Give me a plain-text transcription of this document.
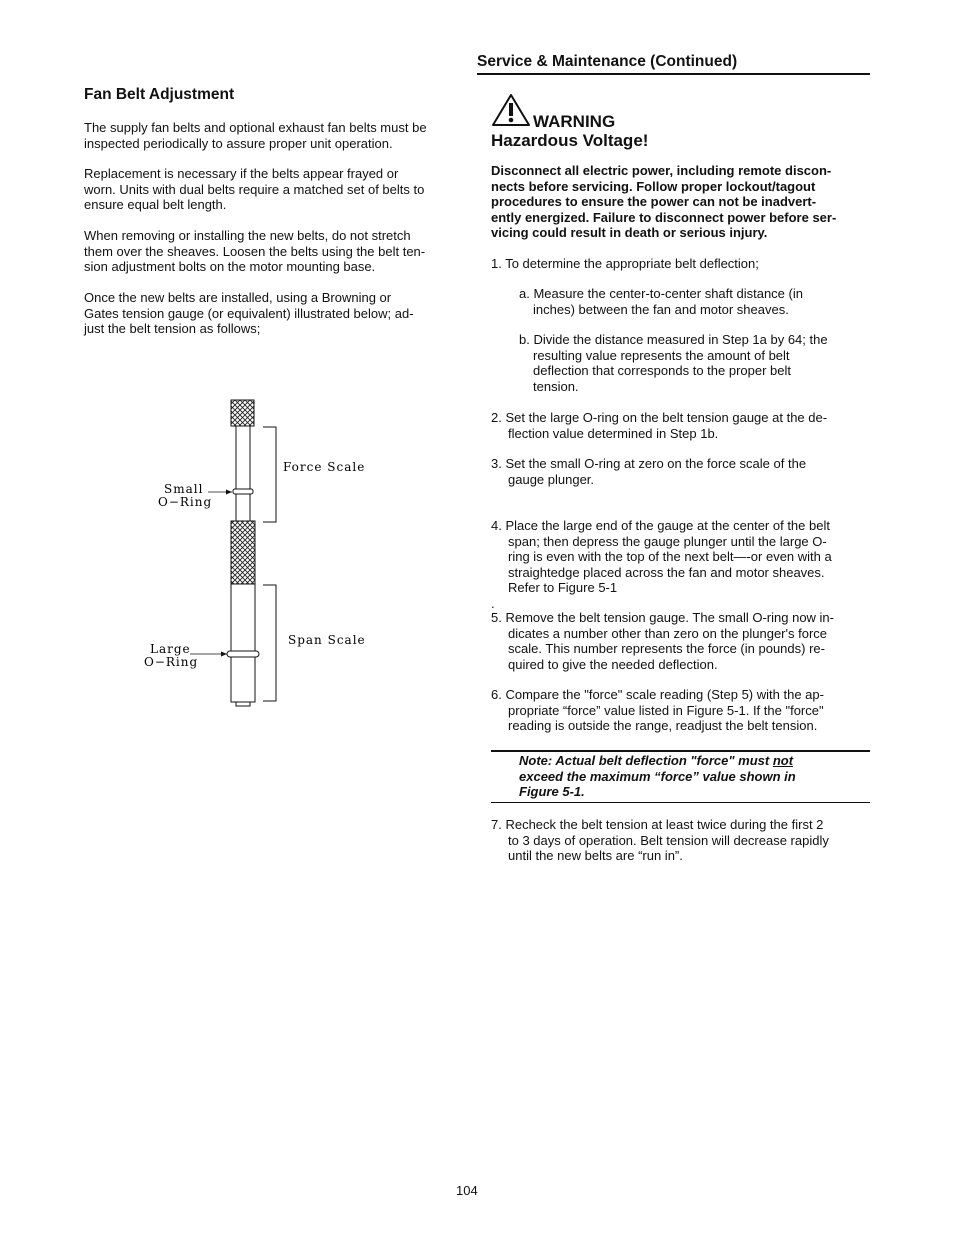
Service & Maintenance (Continued)
Fan Belt Adjustment
The supply fan belts and optional exhaust fan belts must be
inspected periodically to assure proper unit operation.
Replacement is necessary if the belts appear frayed or
worn. Units with dual belts require a matched set of belts to
ensure equal belt length.
When removing or installing the new belts, do not stretch
them over the sheaves. Loosen the belts using the belt ten-
sion adjustment bolts on the motor mounting base.
Once the new belts are installed, using a Browning or
Gates tension gauge (or equivalent) illustrated below; ad-
just the belt tension as follows;
Force Scale
Span Scale
Small
O−Ring
Large
O−Ring
WARNING
Hazardous Voltage!
Disconnect all electric power, including remote discon-
nects before servicing. Follow proper lockout/tagout
procedures to ensure the power can not be inadvert-
ently energized. Failure to disconnect power before ser-
vicing could result in death or serious injury.
1. To determine the appropriate belt deflection;
a. Measure the center-to-center shaft distance (in
inches) between the fan and motor sheaves.
b. Divide the distance measured in Step 1a by 64; the
resulting value represents the amount of belt
deflection that corresponds to the proper belt
tension.
2. Set the large O-ring on the belt tension gauge at the de-
flection value determined in Step 1b.
3. Set the small O-ring at zero on the force scale of the
gauge plunger.
4. Place the large end of the gauge at the center of the belt
span; then depress the gauge plunger until the large O-
ring is even with the top of the next belt—-or even with a
straightedge placed across the fan and motor sheaves.
Refer to Figure 5-1
.
5. Remove the belt tension gauge. The small O-ring now in-
dicates a number other than zero on the plunger's force
scale. This number represents the force (in pounds) re-
quired to give the needed deflection.
6. Compare the "force" scale reading (Step 5) with the ap-
propriate “force” value listed in Figure 5-1. If the "force"
reading is outside the range, readjust the belt tension.
Note: Actual belt deflection "force" must not
exceed the maximum “force” value shown in
Figure 5-1.
7. Recheck the belt tension at least twice during the first 2
to 3 days of operation. Belt tension will decrease rapidly
until the new belts are “run in”.
104
